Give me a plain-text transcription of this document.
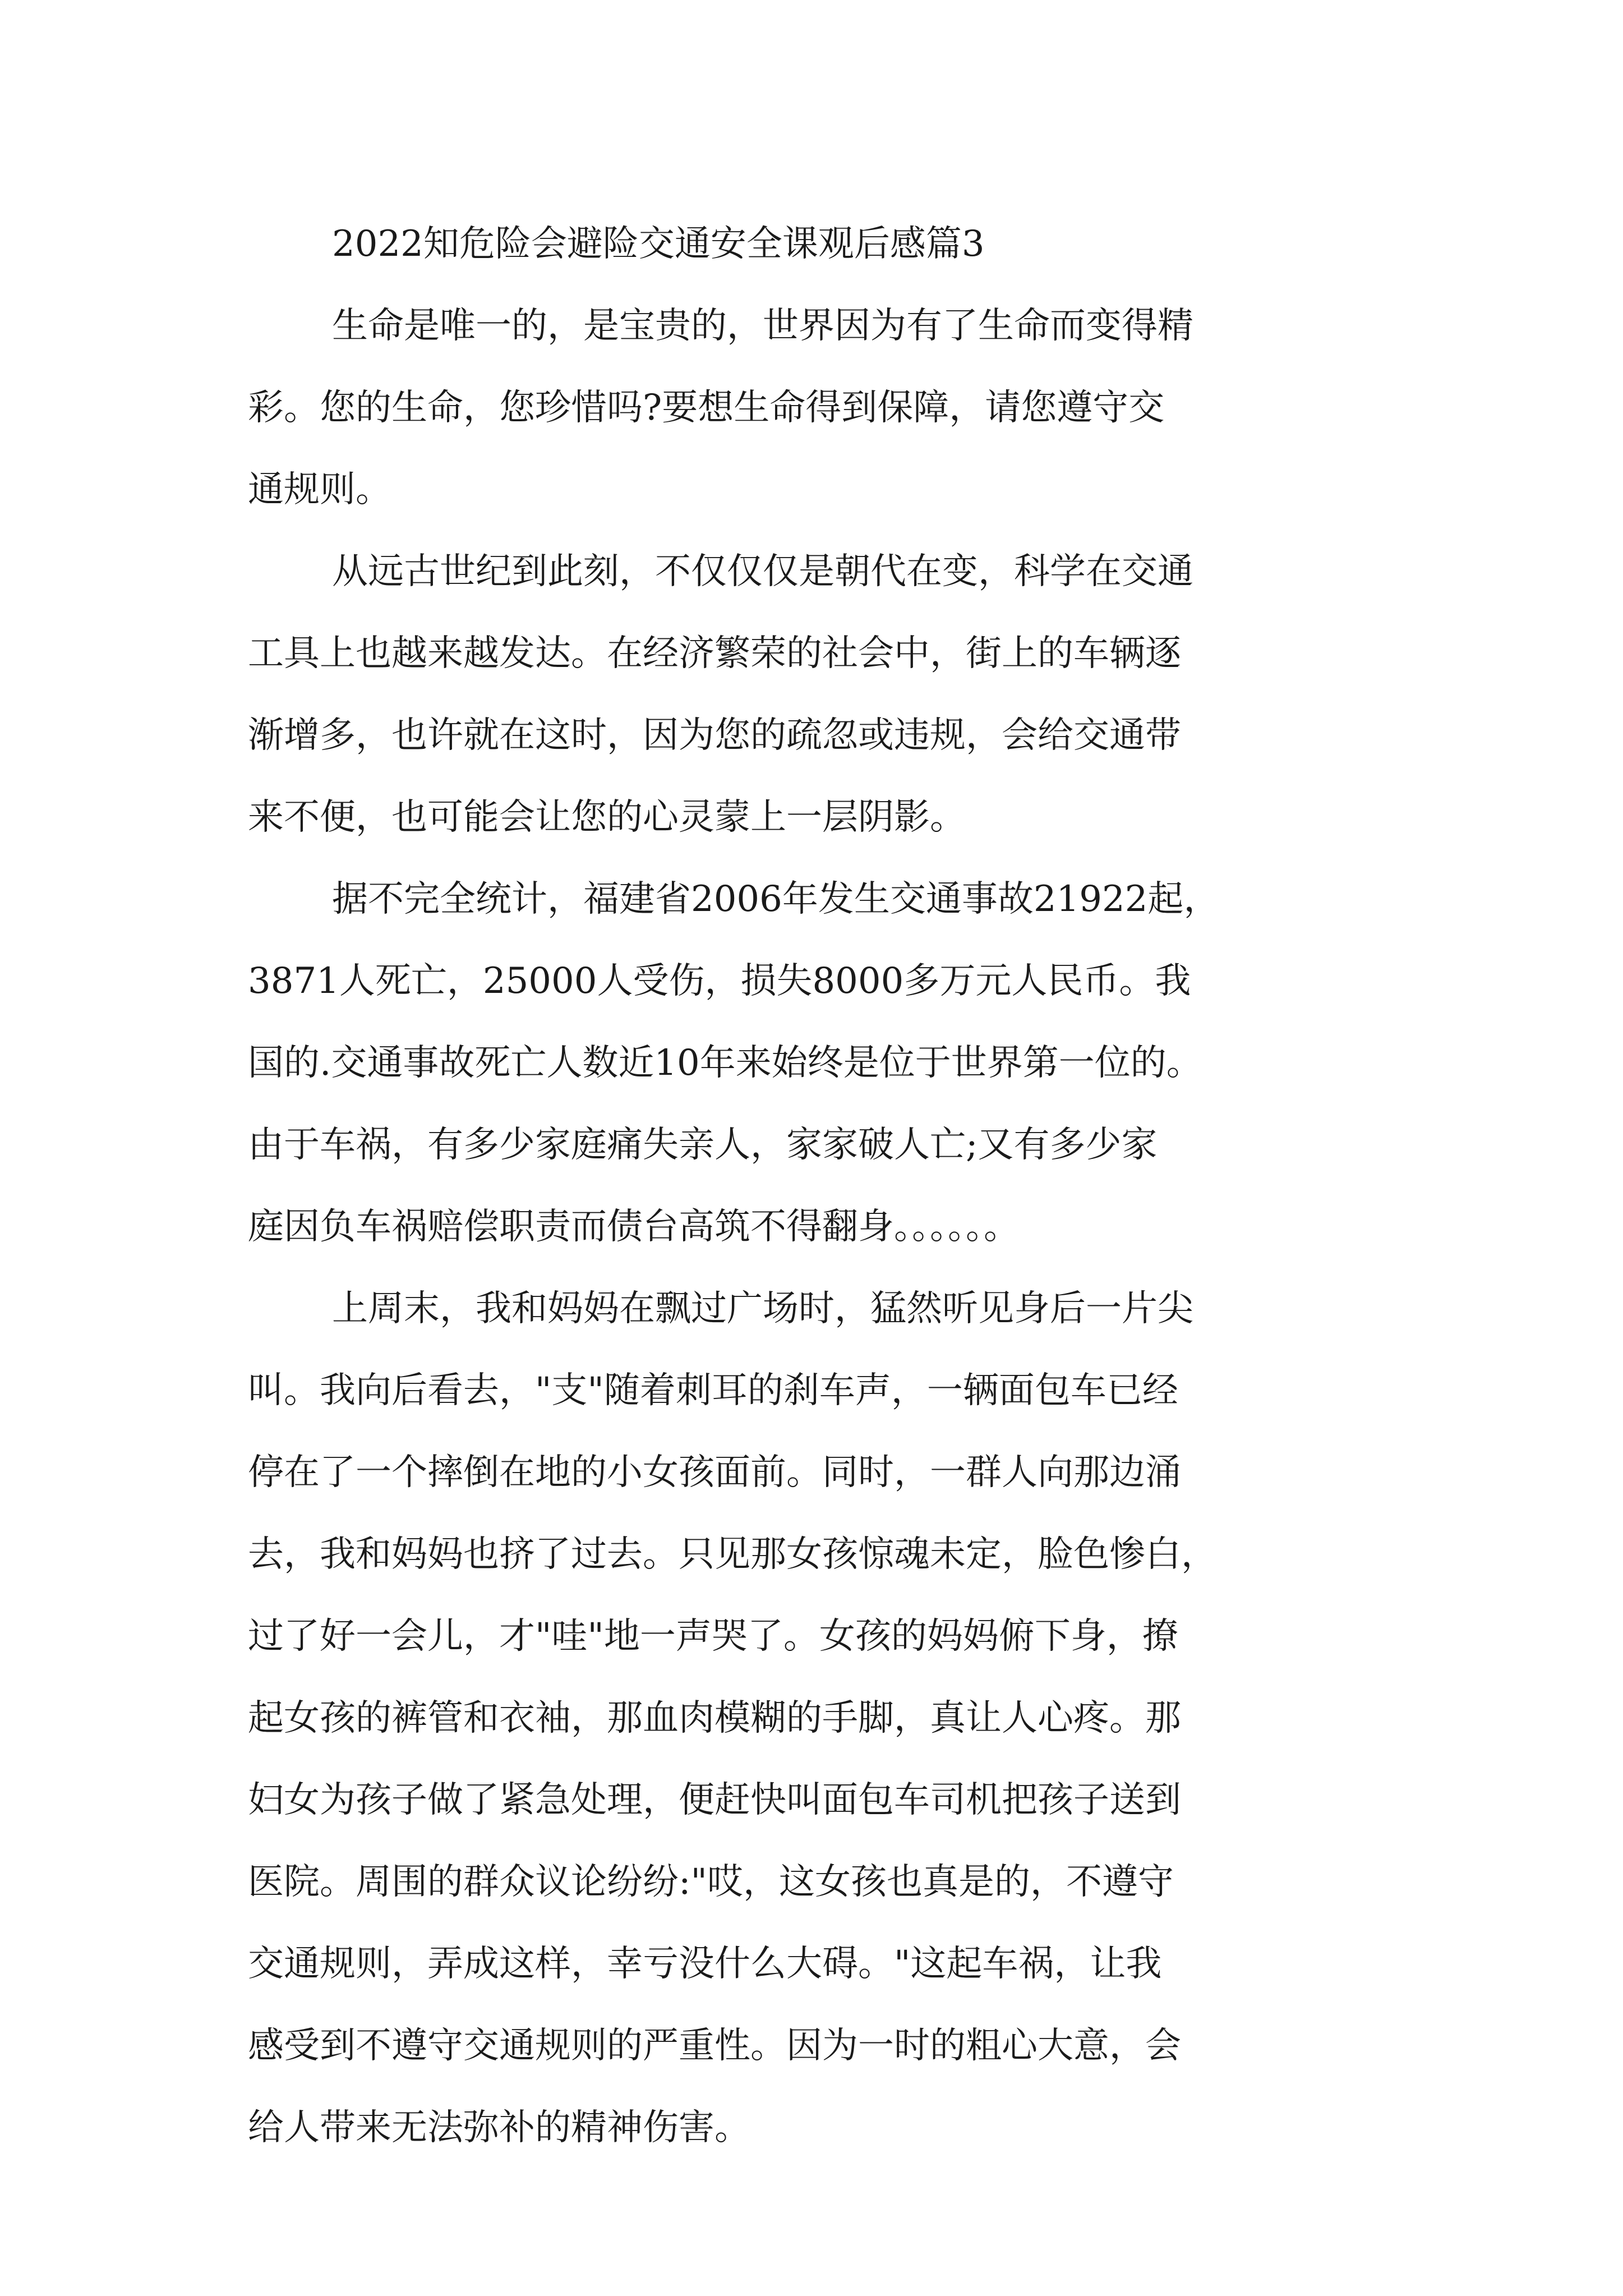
2022知危险会避险交通安全课观后感篇3
生命是唯一的，是宝贵的，世界因为有了生命而变得精
彩。您的生命，您珍惜吗?要想生命得到保障，请您遵守交
通规则。
从远古世纪到此刻，不仅仅仅是朝代在变，科学在交通
工具上也越来越发达。在经济繁荣的社会中，街上的车辆逐
渐增多，也许就在这时，因为您的疏忽或违规，会给交通带
来不便，也可能会让您的心灵蒙上一层阴影。
据不完全统计，福建省2006年发生交通事故21922起，
3871人死亡，25000人受伤，损失8000多万元人民币。我
国的.交通事故死亡人数近10年来始终是位于世界第一位的。
由于车祸，有多少家庭痛失亲人，家家破人亡;又有多少家
庭因负车祸赔偿职责而债台高筑不得翻身。。。。。。
上周末，我和妈妈在飘过广场时，猛然听见身后一片尖
叫。我向后看去，"支"随着刺耳的刹车声，一辆面包车已经
停在了一个摔倒在地的小女孩面前。同时，一群人向那边涌
去，我和妈妈也挤了过去。只见那女孩惊魂未定，脸色惨白，
过了好一会儿，才"哇"地一声哭了。女孩的妈妈俯下身，撩
起女孩的裤管和衣袖，那血肉模糊的手脚，真让人心疼。那
妇女为孩子做了紧急处理，便赶快叫面包车司机把孩子送到
医院。周围的群众议论纷纷:"哎，这女孩也真是的，不遵守
交通规则，弄成这样，幸亏没什么大碍。"这起车祸，让我
感受到不遵守交通规则的严重性。因为一时的粗心大意，会
给人带来无法弥补的精神伤害。
